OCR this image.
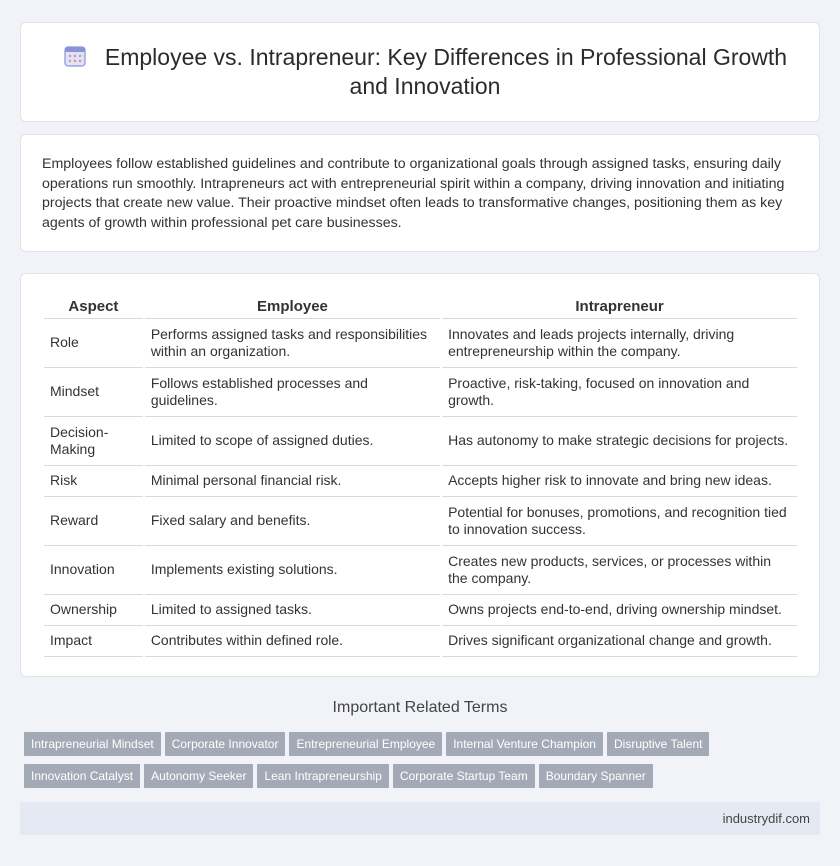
Employee vs. Intrapreneur: Key Differences in Professional Growth and Innovation

Employees follow established guidelines and contribute to organizational goals through assigned tasks, ensuring daily operations run smoothly. Intrapreneurs act with entrepreneurial spirit within a company, driving innovation and initiating projects that create new value. Their proactive mindset often leads to transformative changes, positioning them as key agents of growth within professional pet care businesses.

Aspect	Employee	Intrapreneur
Role	Performs assigned tasks and responsibilities within an organization.	Innovates and leads projects internally, driving entrepreneurship within the company.
Mindset	Follows established processes and guidelines.	Proactive, risk-taking, focused on innovation and growth.
Decision-Making	Limited to scope of assigned duties.	Has autonomy to make strategic decisions for projects.
Risk	Minimal personal financial risk.	Accepts higher risk to innovate and bring new ideas.
Reward	Fixed salary and benefits.	Potential for bonuses, promotions, and recognition tied to innovation success.
Innovation	Implements existing solutions.	Creates new products, services, or processes within the company.
Ownership	Limited to assigned tasks.	Owns projects end-to-end, driving ownership mindset.
Impact	Contributes within defined role.	Drives significant organizational change and growth.
Important Related Terms
Intrapreneurial Mindset Corporate Innovator Entrepreneurial Employee Internal Venture Champion Disruptive Talent
Innovation Catalyst Autonomy Seeker Lean Intrapreneurship Corporate Startup Team Boundary Spanner
industrydif.com
